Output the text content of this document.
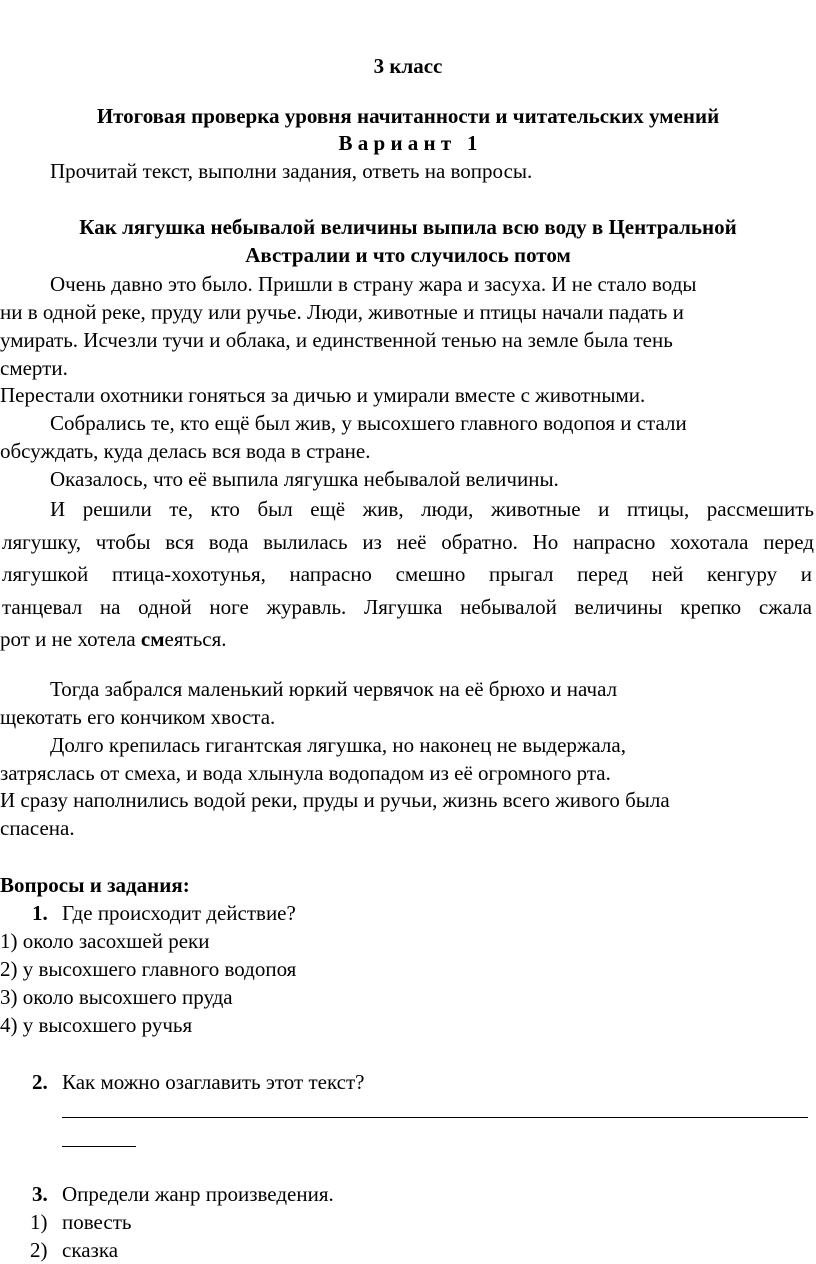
3 класс
Итоговая проверка уровня начитанности и читательских умений
В а р и а н т   1
Прочитай текст, выполни задания, ответь на вопросы.
Как лягушка небывалой величины выпила всю воду в Центральной
Австралии и что случилось потом
Очень давно это было. Пришли в страну жара и засуха. И не стало воды
ни в одной реке, пруду или ручье. Люди, животные и птицы начали падать и
умирать. Исчезли тучи и облака, и единственной тенью на земле была тень
смерти.
Перестали охотники гоняться за дичью и умирали вместе с животными.
Собрались те, кто ещё был жив, у высохшего главного водопоя и стали
обсуждать, куда делась вся вода в стране.
Оказалось, что её выпила лягушка небывалой величины.
И решили те, кто был ещё жив, люди, животные и птицы, рассмешить
лягушку, чтобы вся вода вылилась из неё обратно. Но напрасно хохотала перед
лягушкой птица-хохотунья, напрасно смешно прыгал перед ней кенгуру и
танцевал на одной ноге журавль. Лягушка небывалой величины крепко сжала
рот и не хотела смеяться.
Тогда забрался маленький юркий червячок на её брюхо и начал
щекотать его кончиком хвоста.
Долго крепилась гигантская лягушка, но наконец не выдержала,
затряслась от смеха, и вода хлынула водопадом из её огромного рта.
И сразу наполнились водой реки, пруды и ручьи, жизнь всего живого была
спасена.
Вопросы и задания:
1. Где происходит действие?
1) около засохшей реки
2) у высохшего главного водопоя
3) около высохшего пруда
4) у высохшего ручья
2. Как можно озаглавить этот текст?
3. Определи жанр произведения.
1) повесть
2) сказка
